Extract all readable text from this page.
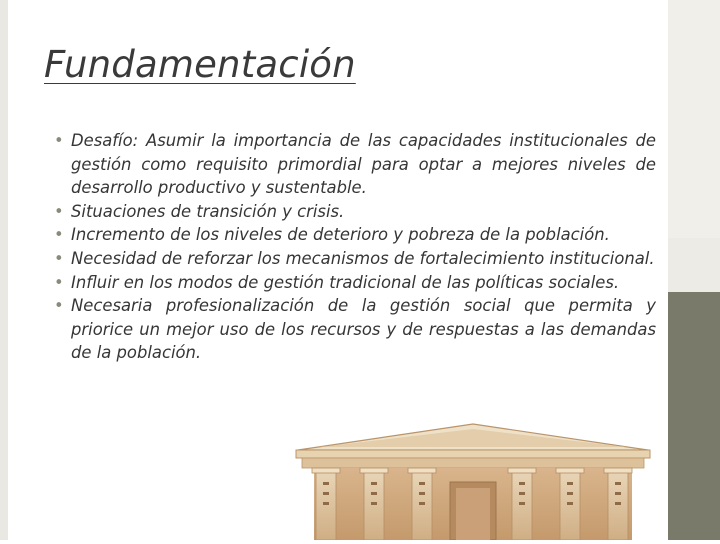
Fundamentación
• Desafío: Asumir la importancia de las capacidades institucionales de gestión como requisito primordial para optar a mejores niveles de desarrollo productivo y sustentable.
• Situaciones de transición y crisis.
• Incremento de los niveles de deterioro y pobreza de la población.
• Necesidad de reforzar los mecanismos de fortalecimiento institucional.
• Influir en los modos de gestión tradicional de las políticas sociales.
• Necesaria profesionalización de la gestión social que permita y priorice un mejor uso de los recursos y de respuestas a las demandas de la población.
